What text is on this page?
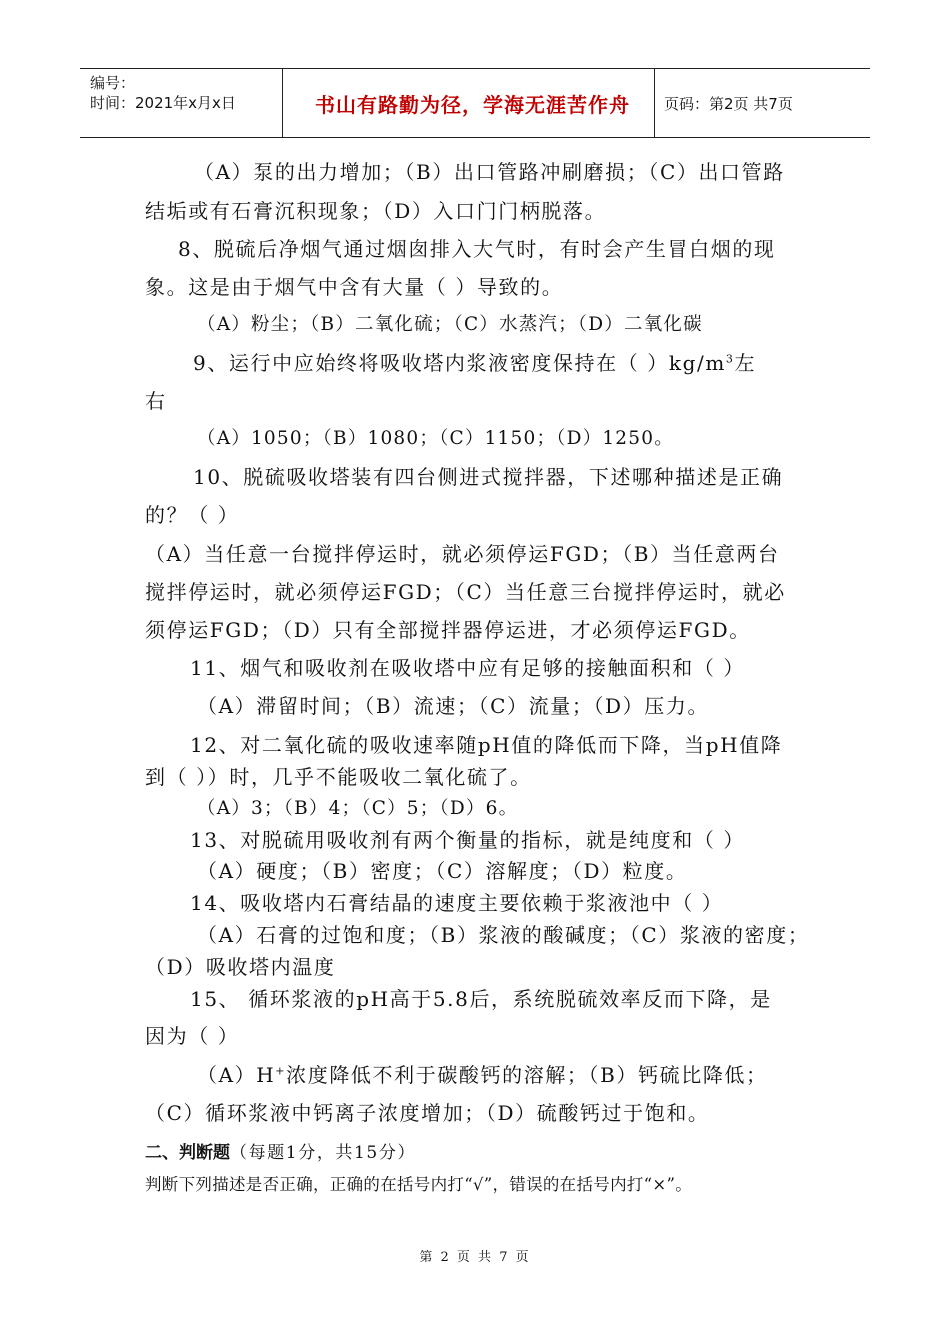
编号：
时间：2021年x月x日	书山有路勤为径，学海无涯苦作舟	页码：第2页 共7页
（A）泵的出力增加；（B）出口管路冲刷磨损；（C）出口管路
结垢或有石膏沉积现象；（D）入口门门柄脱落。
8、脱硫后净烟气通过烟囱排入大气时，有时会产生冒白烟的现
象。这是由于烟气中含有大量（ ）导致的。
（A）粉尘；（B）二氧化硫；（C）水蒸汽；（D）二氧化碳
9、运行中应始终将吸收塔内浆液密度保持在（ ）$kg/m^3$左
右
（A）1050；（B）1080；（C）1150；（D）1250。
10、脱硫吸收塔装有四台侧进式搅拌器，下述哪种描述是正确
的？（ ）
（A）当任意一台搅拌停运时，就必须停运FGD；（B）当任意两台
搅拌停运时，就必须停运FGD；（C）当任意三台搅拌停运时，就必
须停运FGD；（D）只有全部搅拌器停运进，才必须停运FGD。
11、烟气和吸收剂在吸收塔中应有足够的接触面积和（ ）
（A）滞留时间；（B）流速；（C）流量；（D）压力。
12、对二氧化硫的吸收速率随pH值的降低而下降，当pH值降
到（ ））时，几乎不能吸收二氧化硫了。
（A）3；（B）4；（C）5；（D）6。
13、对脱硫用吸收剂有两个衡量的指标，就是纯度和（ ）
（A）硬度；（B）密度；（C）溶解度；（D）粒度。
14、吸收塔内石膏结晶的速度主要依赖于浆液池中（ ）
（A）石膏的过饱和度；（B）浆液的酸碱度；（C）浆液的密度；
（D）吸收塔内温度
15、 循环浆液的pH高于5.8后，系统脱硫效率反而下降，是
因为（ ）
（A）H+浓度降低不利于碳酸钙的溶解；（B）钙硫比降低；
（C）循环浆液中钙离子浓度增加；（D）硫酸钙过于饱和。
二、判断题（每题1分，共15分）
判断下列描述是否正确，正确的在括号内打“√”，错误的在括号内打“×”。
第 2 页 共 7 页
